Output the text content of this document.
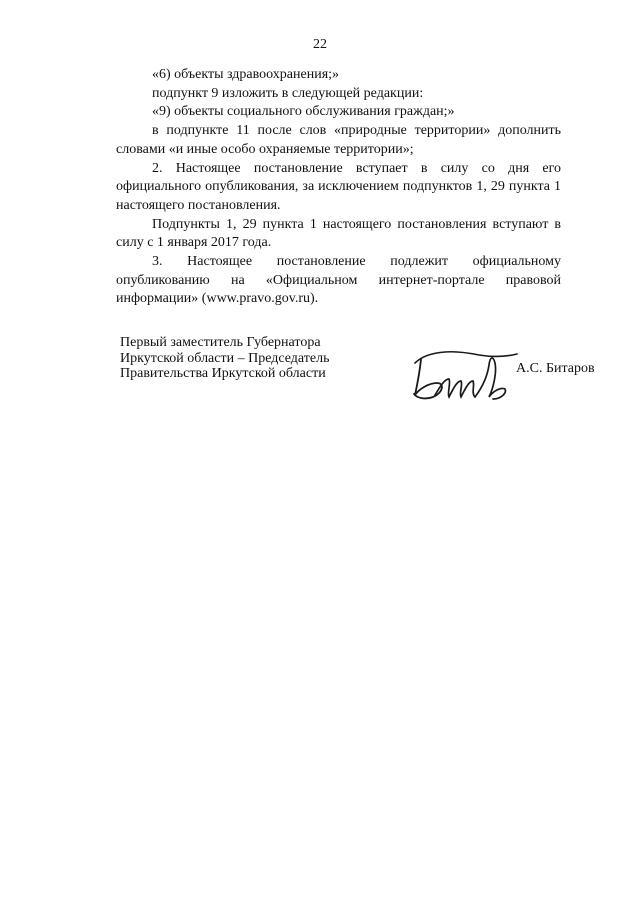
22

«6) объекты здравоохранения;»

подпункт 9 изложить в следующей редакции:

«9) объекты социального обслуживания граждан;»

в подпункте 11 после слов «природные территории» дополнить словами «и иные особо охраняемые территории»;

2. Настоящее постановление вступает в силу со дня его официального опубликования, за исключением подпунктов 1, 29 пункта 1 настоящего постановления.

Подпункты 1, 29 пункта 1 настоящего постановления вступают в силу с 1 января 2017 года.

3. Настоящее постановление подлежит официальному опубликованию на «Официальном интернет-портале правовой информации» (www.pravo.gov.ru).

Первый заместитель Губернатора
Иркутской области – Председатель
Правительства Иркутской области	А.С. Битаров
